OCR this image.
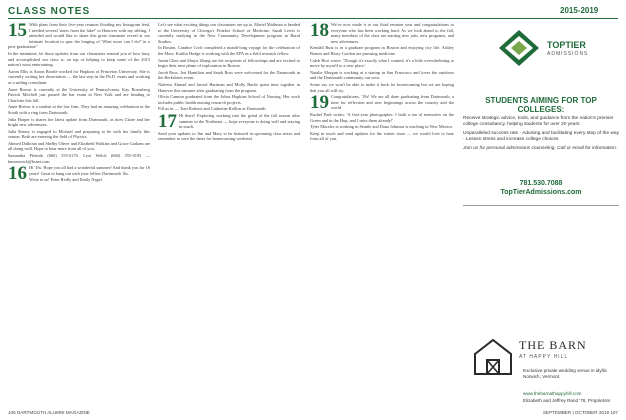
CLASS NOTES	2015-2019

15 With plans from their five-year reunion flooding my Instagram feed, I needed several 'notes from the lake!' to Hanover with my sibling. I attended and would like to share this great classmate reveal at our intimate location to spur the longing of 'What more can I do?' in a post-graduation!'

In the meantime, let those updates from our classmates remind you of how busy and accomplished our class is, on top of helping to keep some of the 2015 nation's most entertaining.

Aaron Ellis is Aaron Brodie worked for Hopkins of Princeton University. She is currently writing her dissertation — the last step in the Ph.D. exam and working as a sailing consultant.

Anne Brown is currently at the University of Pennsylvania. Kay Rosenberg Patrick Mitchell just passed the bar exam in New York and are heading to Charlotte this fall.

Anne Brown is a student at the law firm. They had an amazing celebration in the South with a ring from Dartmouth.

Julia Harper is shares her latest update from Dartmouth, as does Claire and her bright new adventures.

Julia Kenny is engaged to Michael and preparing to be with her family this season. Both are entering the field of Physics.

Ahmed Dalhoun and Shelby Oliver and Elizabeth Watkins and Grace Graham are all doing well. Hope to hear more from all of you.

Samantha Plettnik (660) 555-0170. Lexi Welch (660) 555-0195 — kmnetwork@bsnet.com

16 Hi '16s. Hope you all had a wonderful summer! And thank you for 16 years! Great to hang out with your fellow Dartmouth 16s.

Write to us! Peter Reilly and Emily Nagel.

Let's see what exciting things our classmates are up to. Martel Mailman is headed to the University of Chicago's Pritzker School of Medicine. Sarah Lewis is currently studying in the New Community Development program in Rural Studies.

In Boston, Candice Croft completed a month-long voyage for the celebration of the Mass. Kaitlin Hodge is working with the EPA as a field research fellow.

Justin Chen and Shuyu Zhang are the recipients of fellowships and are excited to begin their next phase of exploration in Boston.

Jacob Ross, Jeri Hamilton and Sarah Ross were welcomed for the Dartmouth in the Berkshires event.

Nafeesa Ahmad and Jarrod Hartman and Molly Burke spent time together in Hanover this summer after graduating from the program.

Olivia Cannon graduated from the Johns Hopkins School of Nursing. Her work includes public health nursing research projects.

Fill us in — Tom Roberts and Catherine Rollins at Dartmouth.

17 Hi there! Exploring working into the grind of the fall season after summer in the Northeast — hope everyone is doing well and staying in touch.

Send your updates to Jim and Mary to be featured in upcoming class notes and remember to save the dates for homecoming weekend.

18 We've now made it to our third reunion year and congratulations to everyone who has been working hard. As we look ahead to the fall, many members of the class are starting new jobs, new programs, and new adventures.

Kendall Ruiz is in a graduate program in Boston and enjoying city life. Ashley Barnes and Harry Gordon are pursuing medicine.

Caleb Rice wrote: 'Though it's exactly what I wanted, it's a little overwhelming to move by myself to a new place.'

Natalie Morgan is working at a startup in San Francisco and loves the outdoors and the Dartmouth community out west.

Some say we won't be able to make it back for homecoming but we are hoping that you all will try.

19 Congratulations, '19s! We are all done graduating from Dartmouth, a time for reflection and new beginnings across the country and the world.

Rachel Park writes: 'A first-year photographer. I built a ton of memories on the Green and in the Hop, and I miss them already!'

Tyler Morales is working in Seattle and Dana Johnson is teaching in New Mexico.

Keep in touch and send updates for the winter issue — we would love to hear from all of you.

TOPTIER
ADMISSIONS
STUDENTS AIMING FOR TOP COLLEGES:
Receive strategic advice, tools, and guidance from the nation's premier college consultancy, helping students for over 20 years.
Unparalleled success rate · Advising and facilitating every step of the way · Lessen stress and increase college choices
Join us for personal admissions counseling. Call or email for information.
781.530.7088
TopTierAdmissions.com
THE BARN
AT HAPPY HILL
Exclusive private wedding venue in idyllic Norwich, Vermont.
www.thebarnathappyhill.com
Elizabeth and Jeffrey Rand '76, Proprietors
106 DARTMOUTH ALUMNI MAGAZINE	SEPTEMBER | OCTOBER 2019 107
